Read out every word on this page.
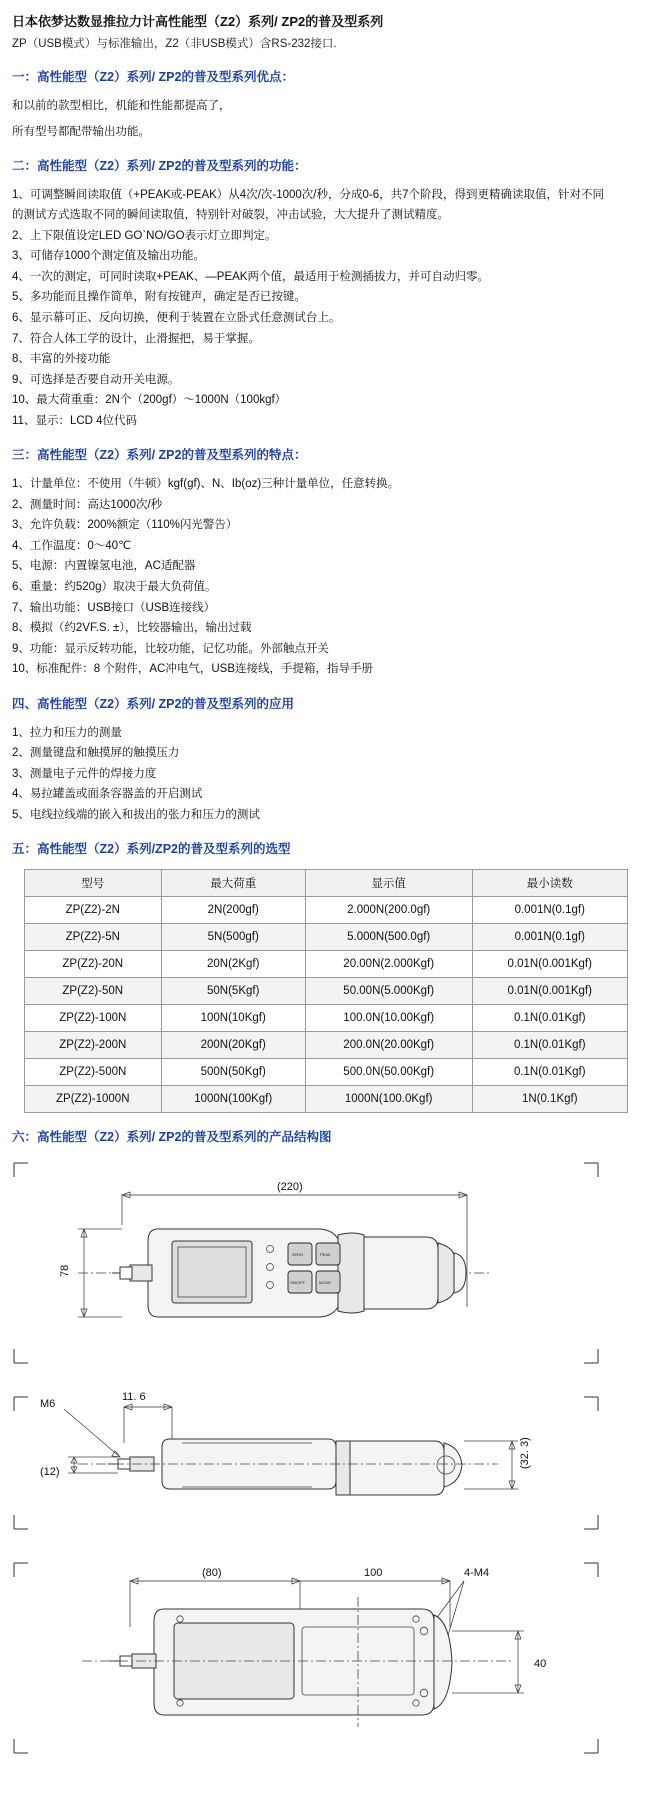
日本依梦达数显推拉力计高性能型（Z2）系列/ ZP2的普及型系列
ZP（USB模式）与标准输出，Z2（非USB模式）含RS-232接口.
一：高性能型（Z2）系列/ ZP2的普及型系列优点：

和以前的款型相比，机能和性能都提高了，

所有型号都配带输出功能。

二：高性能型（Z2）系列/ ZP2的普及型系列的功能：
1、可调整瞬间读取值（+PEAK或-PEAK）从4次/次-1000次/秒，分成0-6，共7个阶段，得到更精确读取值，针对不同
的测试方式选取不同的瞬间读取值，特别针对破裂，冲击试验，大大提升了测试精度。
2、上下限值设定LED GO`NO/GO表示灯立即判定。
3、可储存1000个测定值及输出功能。
4、一次的测定，可同时读取+PEAK、—PEAK两个值，最适用于检测插拔力，并可自动归零。
5、多功能而且操作简单，附有按键声，确定是否已按键。
6、显示幕可正、反向切换，便利于装置在立卧式任意测试台上。
7、符合人体工学的设计，止滑握把，易于掌握。
8、丰富的外接功能
9、可选择是否要自动开关电源。
10、最大荷重重：2N个（200gf）～1000N（100kgf）
11、显示：LCD 4位代码
三：高性能型（Z2）系列/ ZP2的普及型系列的特点：
1、计量单位：不使用（牛顿）kgf(gf)、N、Ib(oz)三种计量单位，任意转换。
2、测量时间：高达1000次/秒
3、允许负载：200%额定（110%闪光警告）
4、工作温度：0～40℃
5、电源：内置镍氢电池，AC适配器
6、重量：约520g）取决于最大负荷值。
7、输出功能：USB接口（USB连接线）
8、模拟（约2VF.S. ±），比较器输出，输出过载
9、功能：显示反转功能，比较功能，记忆功能。外部触点开关
10、标准配件：8 个附件，AC冲电气，USB连接线，手提箱，指导手册
四、高性能型（Z2）系列/ ZP2的普及型系列的应用
1、拉力和压力的测量
2、测量键盘和触摸屏的触摸压力
3、测量电子元件的焊接力度
4、易拉罐盖或面条容器盖的开启测试
5、电线拉线端的嵌入和拔出的张力和压力的测试
五：高性能型（Z2）系列/ZP2的普及型系列的选型
型号	最大荷重	显示值	最小读数
ZP(Z2)-2N	2N(200gf)	2.000N(200.0gf)	0.001N(0.1gf)
ZP(Z2)-5N	5N(500gf)	5.000N(500.0gf)	0.001N(0.1gf)
ZP(Z2)-20N	20N(2Kgf)	20.00N(2.000Kgf)	0.01N(0.001Kgf)
ZP(Z2)-50N	50N(5Kgf)	50.00N(5.000Kgf)	0.01N(0.001Kgf)
ZP(Z2)-100N	100N(10Kgf)	100.0N(10.00Kgf)	0.1N(0.01Kgf)
ZP(Z2)-200N	200N(20Kgf)	200.0N(20.00Kgf)	0.1N(0.01Kgf)
ZP(Z2)-500N	500N(50Kgf)	500.0N(50.00Kgf)	0.1N(0.01Kgf)
ZP(Z2)-1000N	1000N(100Kgf)	1000N(100.0Kgf)	1N(0.1Kgf)
六：高性能型（Z2）系列/ ZP2的普及型系列的产品结构图
(220)
78
ZERO	PEAK
ON/OFF	MODE
M6
11. 6
(12)
(32. 3)
(80)	100	4-M4
40
